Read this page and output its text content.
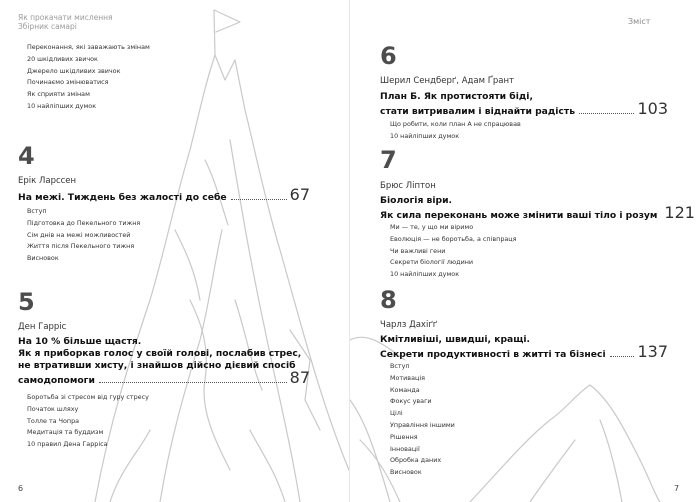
Як прокачати мислення
Збірник самарі
Переконання, які заважають змінам
20 шкідливих звичок
Джерело шкідливих звичок
Починаємо змінюватися
Як сприяти змінам
10 найліпших думок
4
Ерік Ларссен
На межі. Тиждень без жалості до себе	67
Вступ
Підготовка до Пекельного тижня
Сім днів на межі можливостей
Життя після Пекельного тижня
Висновок
5
Ден Гарріс
На 10 % більше щастя.
Як я приборкав голос у своїй голові, послабив стрес,
не втративши хисту, і знайшов дійсно дієвий спосіб
самодопомоги	87
Боротьба зі стресом від гуру стресу
Початок шляху
Толле та Чопра
Медитація та буддизм
10 правил Дена Гарріса
6
Зміст
6
Шерил Сендберґ, Адам Ґрант
План Б. Як протистояти біді,
стати витривалим і віднайти радість	103
Що робити, коли план А не спрацював
10 найліпших думок
7
Брюс Ліптон
Біологія віри.
Як сила переконань може змінити ваші тіло і розум 121
Ми — те, у що ми віримо
Еволюція — не боротьба, а співпраця
Чи важливі гени
Секрети біології людини
10 найліпших думок
8
Чарлз Дахіґґ
Кмітливіші, швидші, кращі.
Секрети продуктивності в житті та бізнесі 137
Вступ
Мотивація
Команда
Фокус уваги
Цілі
Управління іншими
Рішення
Інновації
Обробка даних
Висновок
7
